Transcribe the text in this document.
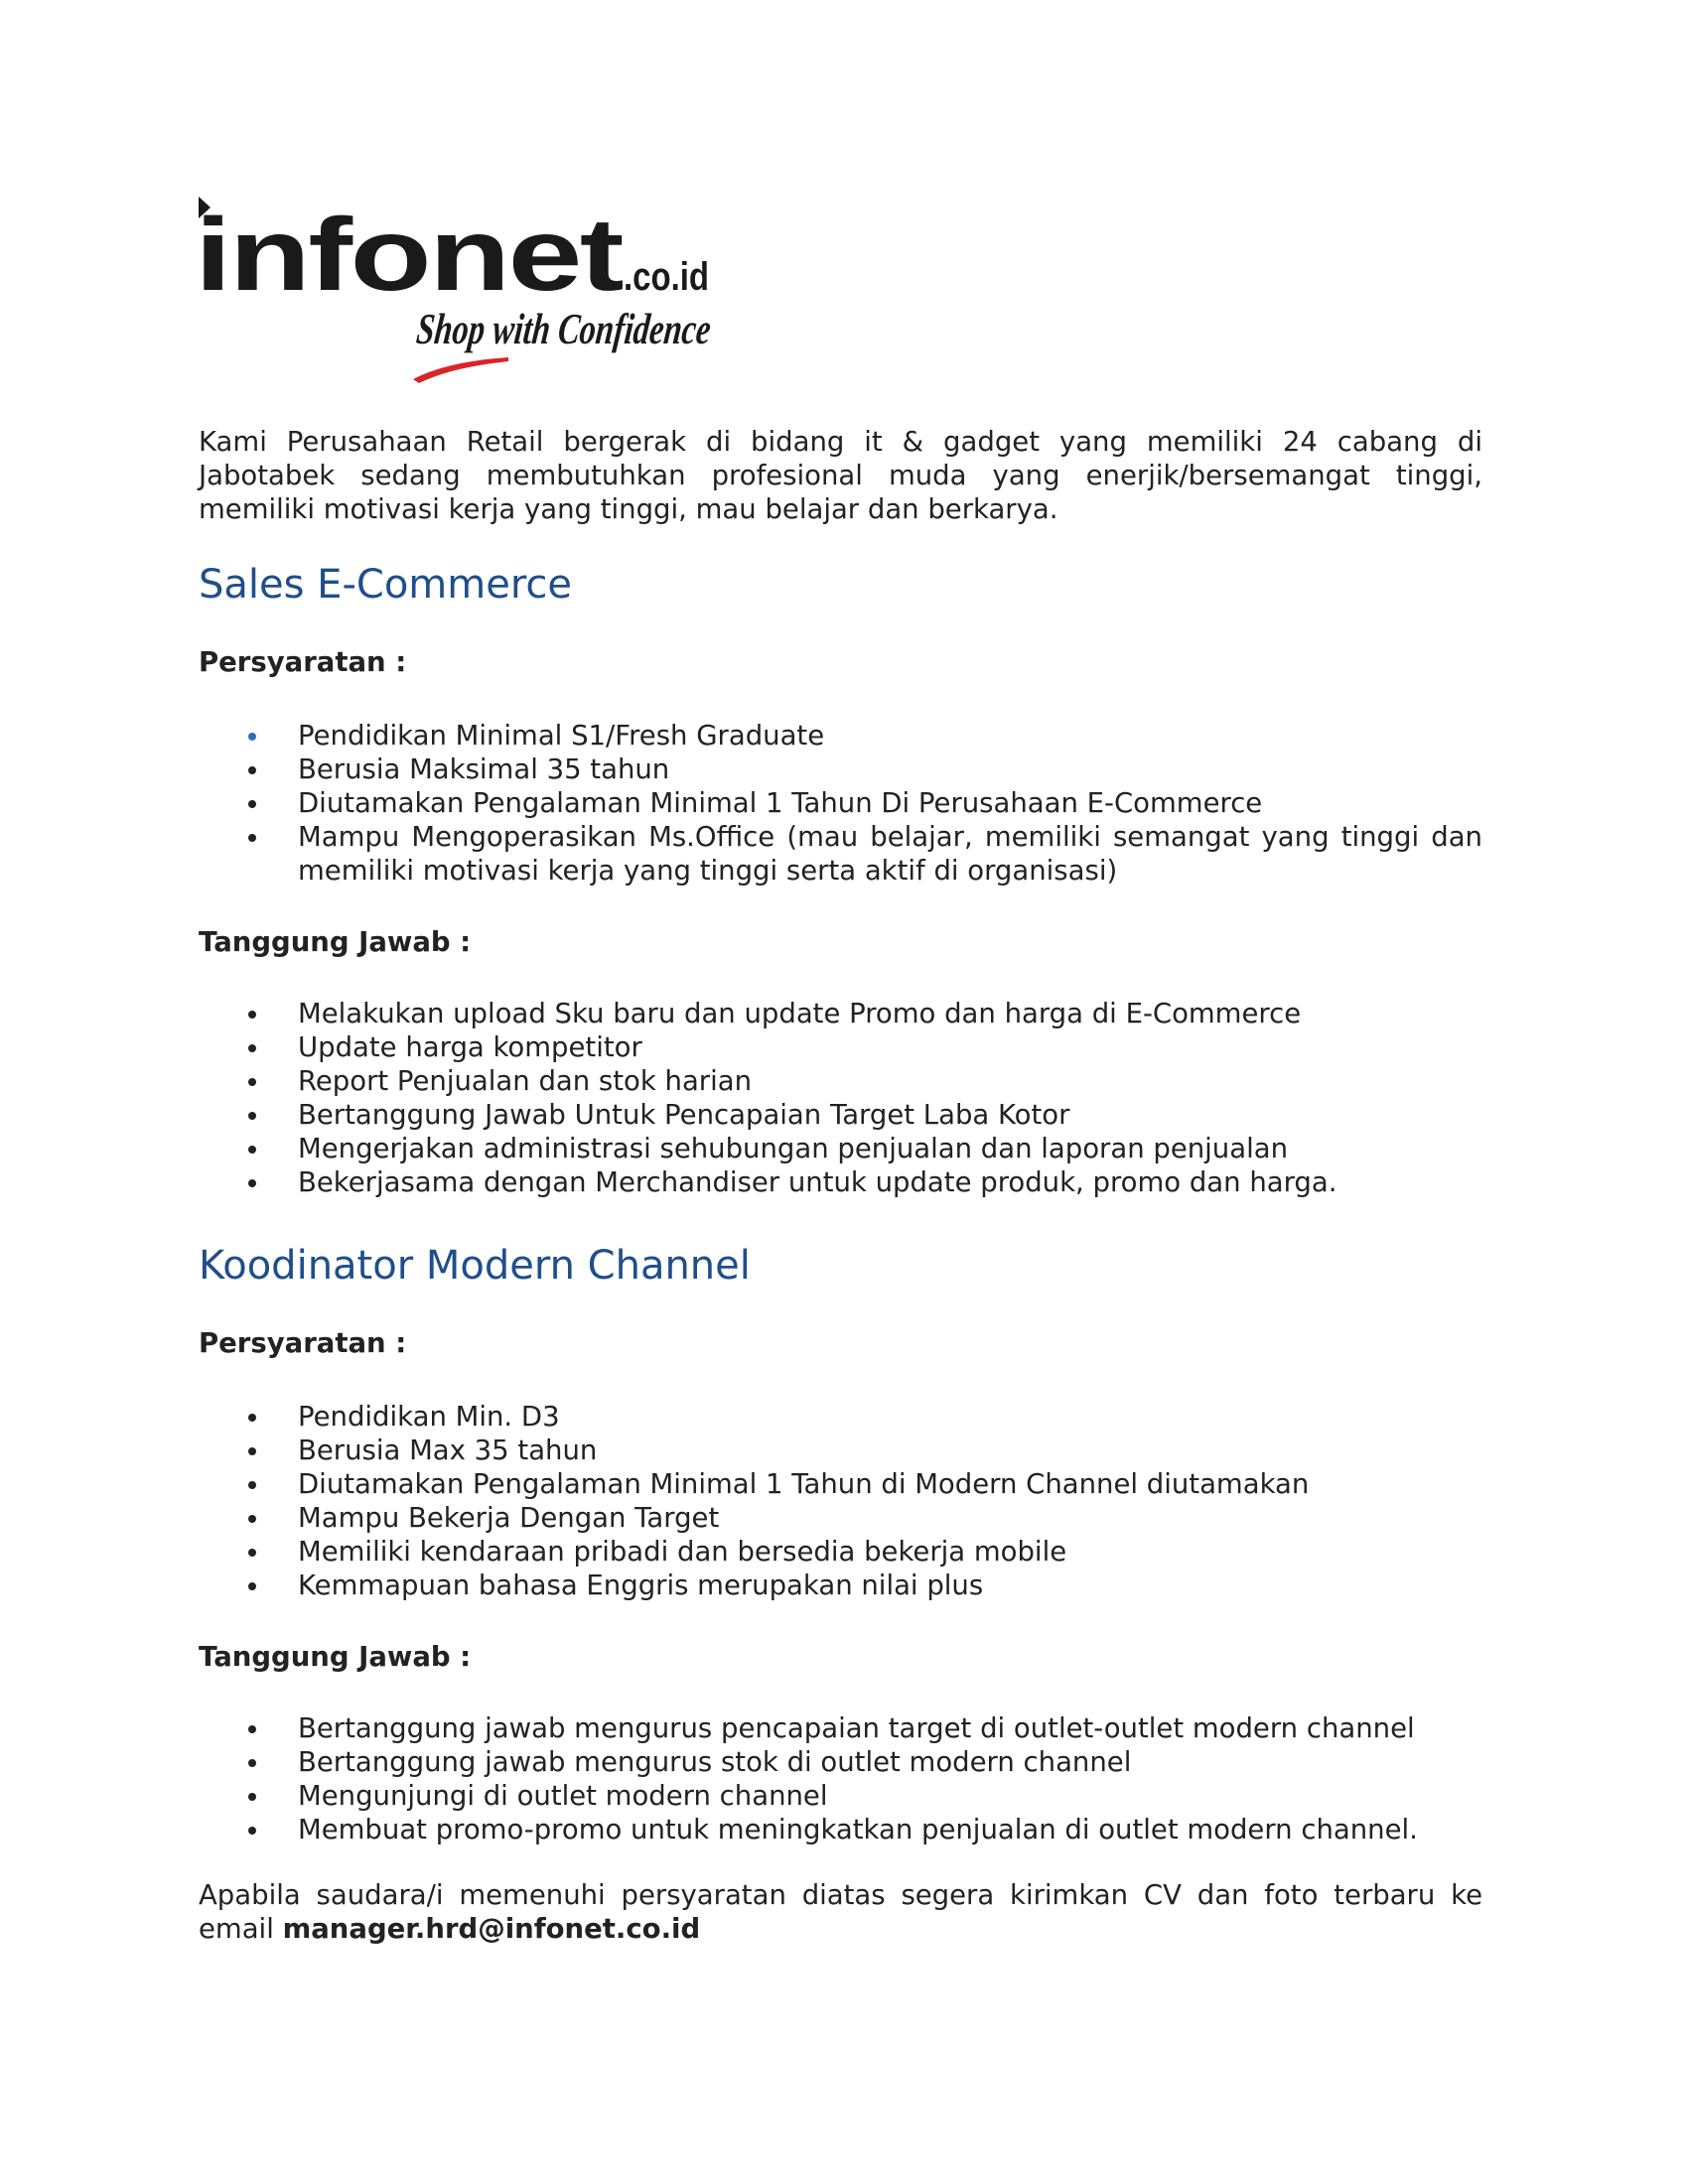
infonet .co.id
Shop with Confidence

Kami Perusahaan Retail bergerak di bidang it & gadget yang memiliki 24 cabang di Jabotabek sedang membutuhkan profesional muda yang enerjik/bersemangat tinggi, memiliki motivasi kerja yang tinggi, mau belajar dan berkarya.

Sales E-Commerce
Persyaratan :
Pendidikan Minimal S1/Fresh Graduate
Berusia Maksimal 35 tahun
Diutamakan Pengalaman Minimal 1 Tahun Di Perusahaan E-Commerce
Mampu Mengoperasikan Ms.Office (mau belajar, memiliki semangat yang tinggi dan memiliki motivasi kerja yang tinggi serta aktif di organisasi)
Tanggung Jawab :
Melakukan upload Sku baru dan update Promo dan harga di E-Commerce
Update harga kompetitor
Report Penjualan dan stok harian
Bertanggung Jawab Untuk Pencapaian Target Laba Kotor
Mengerjakan administrasi sehubungan penjualan dan laporan penjualan
Bekerjasama dengan Merchandiser untuk update produk, promo dan harga.
Koodinator Modern Channel
Persyaratan :
Pendidikan Min. D3
Berusia Max 35 tahun
Diutamakan Pengalaman Minimal 1 Tahun di Modern Channel diutamakan
Mampu Bekerja Dengan Target
Memiliki kendaraan pribadi dan bersedia bekerja mobile
Kemmapuan bahasa Enggris merupakan nilai plus
Tanggung Jawab :
Bertanggung jawab mengurus pencapaian target di outlet-outlet modern channel
Bertanggung jawab mengurus stok di outlet modern channel
Mengunjungi di outlet modern channel
Membuat promo-promo untuk meningkatkan penjualan di outlet modern channel.

Apabila saudara/i memenuhi persyaratan diatas segera kirimkan CV dan foto terbaru ke email manager.hrd@infonet.co.id
